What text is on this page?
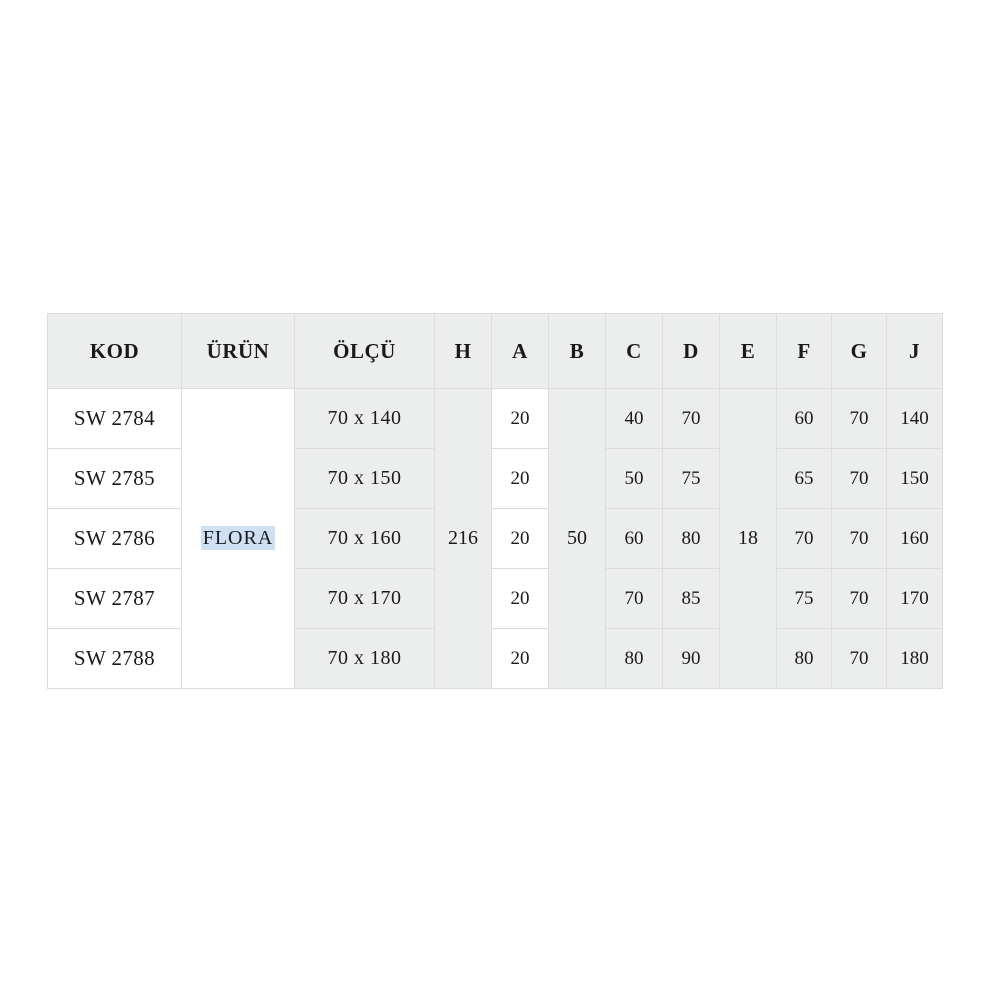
KOD	ÜRÜN	ÖLÇÜ	H	A	B	C	D	E	F	G	J
SW 2784	FLORA	70 x 140	216	20	50	40	70	18	60	70	140
SW 2785		70 x 150		20		50	75		65	70	150
SW 2786		70 x 160		20		60	80		70	70	160
SW 2787		70 x 170		20		70	85		75	70	170
SW 2788		70 x 180		20		80	90		80	70	180
